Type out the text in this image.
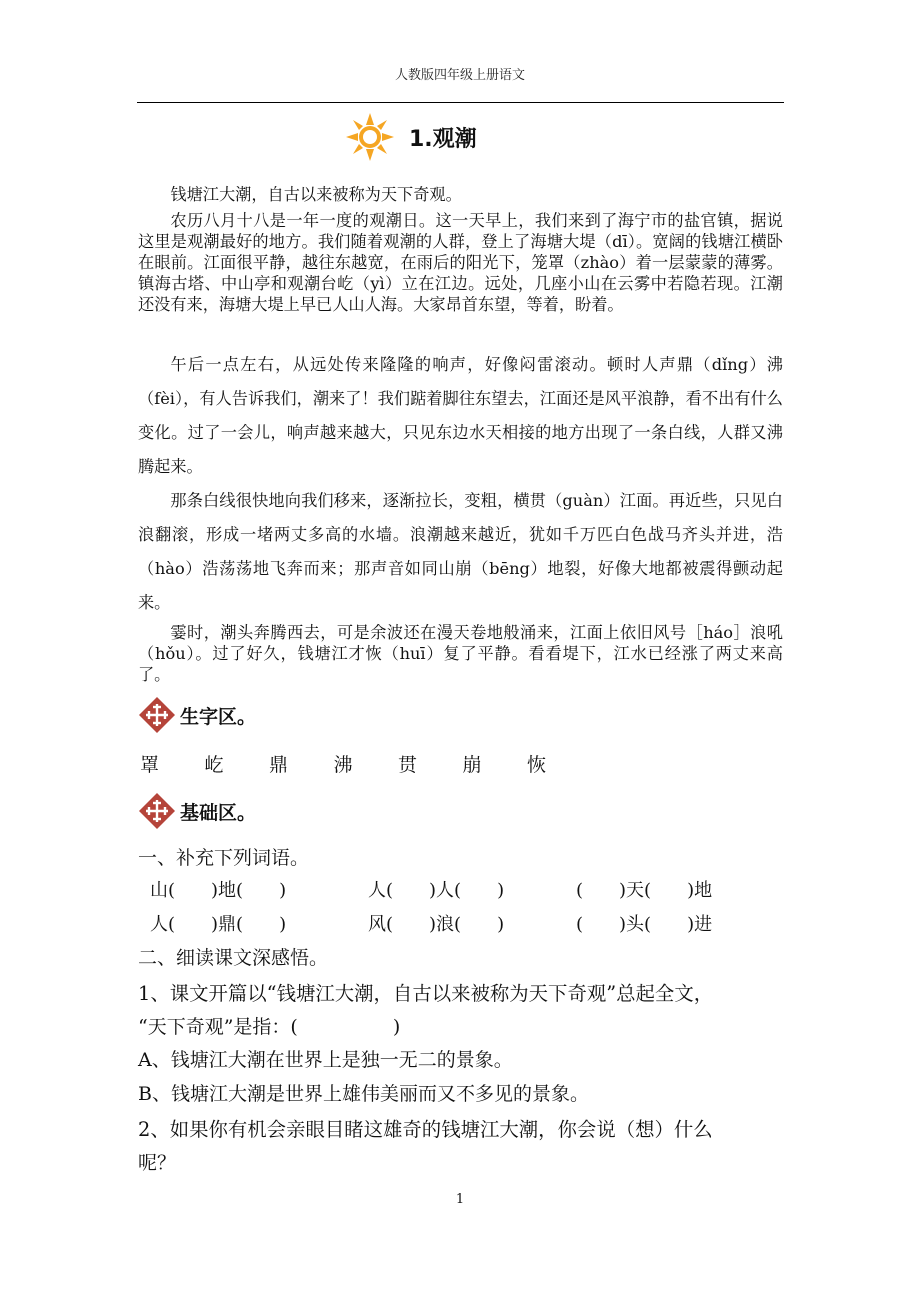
人教版四年级上册语文
1.观潮

钱塘江大潮，自古以来被称为天下奇观。

农历八月十八是一年一度的观潮日。这一天早上，我们来到了海宁市的盐官镇，据说这里是观潮最好的地方。我们随着观潮的人群，登上了海塘大堤（dī）。宽阔的钱塘江横卧在眼前。江面很平静，越往东越宽，在雨后的阳光下，笼罩（zhào）着一层蒙蒙的薄雾。镇海古塔、中山亭和观潮台屹（yì）立在江边。远处，几座小山在云雾中若隐若现。江潮还没有来，海塘大堤上早已人山人海。大家昂首东望，等着，盼着。

午后一点左右，从远处传来隆隆的响声，好像闷雷滚动。顿时人声鼎（dǐng）沸（fèi），有人告诉我们，潮来了！我们踮着脚往东望去，江面还是风平浪静，看不出有什么变化。过了一会儿，响声越来越大，只见东边水天相接的地方出现了一条白线，人群又沸腾起来。

那条白线很快地向我们移来，逐渐拉长，变粗，横贯（guàn）江面。再近些，只见白浪翻滚，形成一堵两丈多高的水墙。浪潮越来越近，犹如千万匹白色战马齐头并进，浩（hào）浩荡荡地飞奔而来；那声音如同山崩（bēng）地裂，好像大地都被震得颤动起来。

霎时，潮头奔腾西去，可是余波还在漫天卷地般涌来，江面上依旧风号［háo］浪吼（hǒu）。过了好久，钱塘江才恢（huī）复了平静。看看堤下，江水已经涨了两丈来高了。

生字区。
罩	屹	鼎	沸	贯	崩	恢
基础区。
一、补充下列词语。
山(　　)地(　　)	人(　　)人(　　)	(　　)天(　　)地
人(　　)鼎(　　)	风(　　)浪(　　)	(　　)头(　　)进
二、细读课文深感悟。
1、课文开篇以“钱塘江大潮，自古以来被称为天下奇观”总起全文，
“天下奇观”是指：(　　　　　)
A、钱塘江大潮在世界上是独一无二的景象。
B、钱塘江大潮是世界上雄伟美丽而又不多见的景象。
2、如果你有机会亲眼目睹这雄奇的钱塘江大潮，你会说（想）什么
呢？
1
